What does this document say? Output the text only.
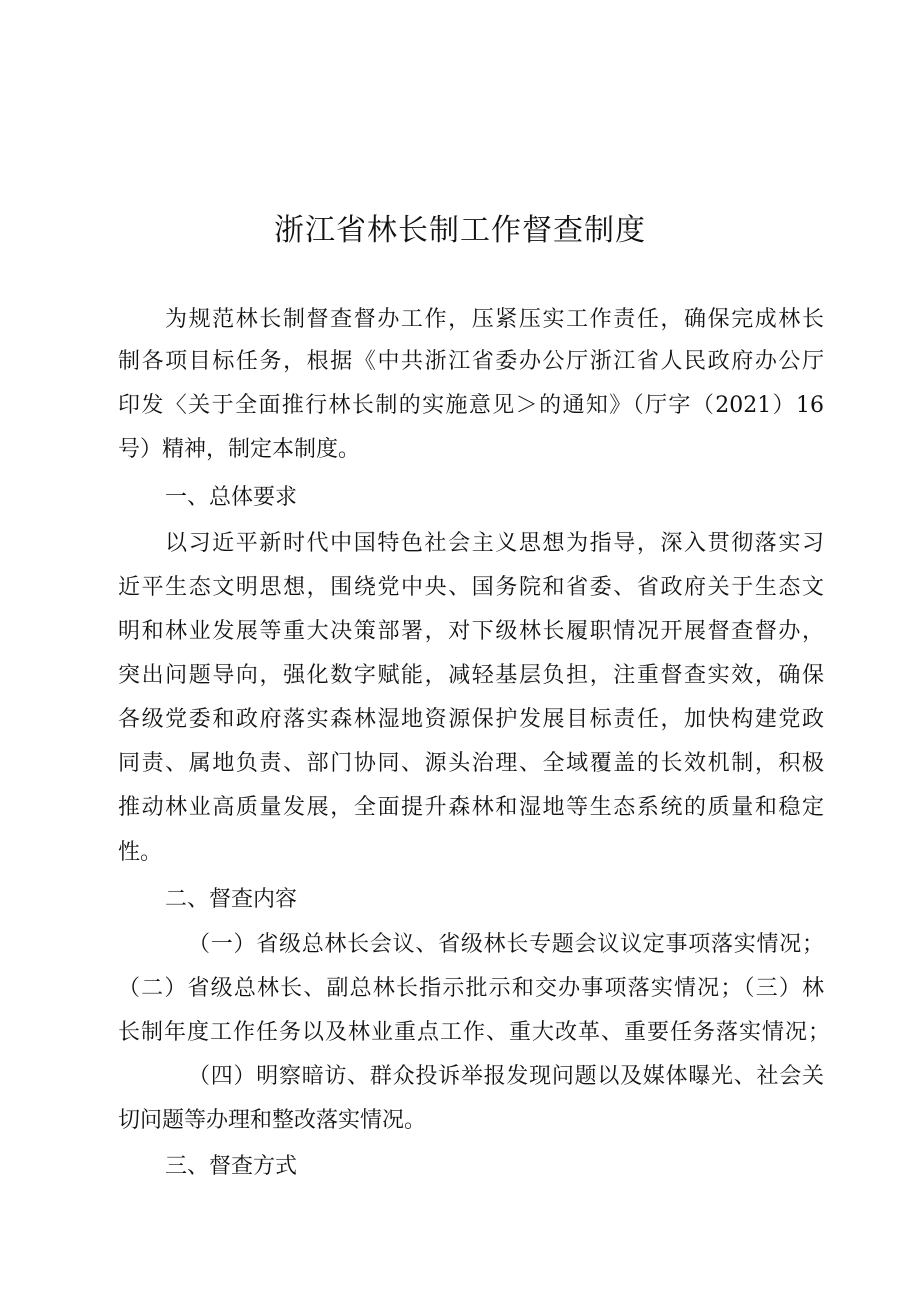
浙江省林长制工作督查制度
为规范林长制督查督办工作，压紧压实工作责任，确保完成林长
制各项目标任务，根据《中共浙江省委办公厅浙江省人民政府办公厅
印发〈关于全面推行林长制的实施意见＞的通知》（厅字（2021）16
号）精神，制定本制度。
一、总体要求
以习近平新时代中国特色社会主义思想为指导，深入贯彻落实习
近平生态文明思想，围绕党中央、国务院和省委、省政府关于生态文
明和林业发展等重大决策部署，对下级林长履职情况开展督查督办，
突出问题导向，强化数字赋能，减轻基层负担，注重督查实效，确保
各级党委和政府落实森林湿地资源保护发展目标责任，加快构建党政
同责、属地负责、部门协同、源头治理、全域覆盖的长效机制，积极
推动林业高质量发展，全面提升森林和湿地等生态系统的质量和稳定
性。
二、督查内容
（一）省级总林长会议、省级林长专题会议议定事项落实情况；
（二）省级总林长、副总林长指示批示和交办事项落实情况；（三）林
长制年度工作任务以及林业重点工作、重大改革、重要任务落实情况；
（四）明察暗访、群众投诉举报发现问题以及媒体曝光、社会关
切问题等办理和整改落实情况。
三、督查方式
